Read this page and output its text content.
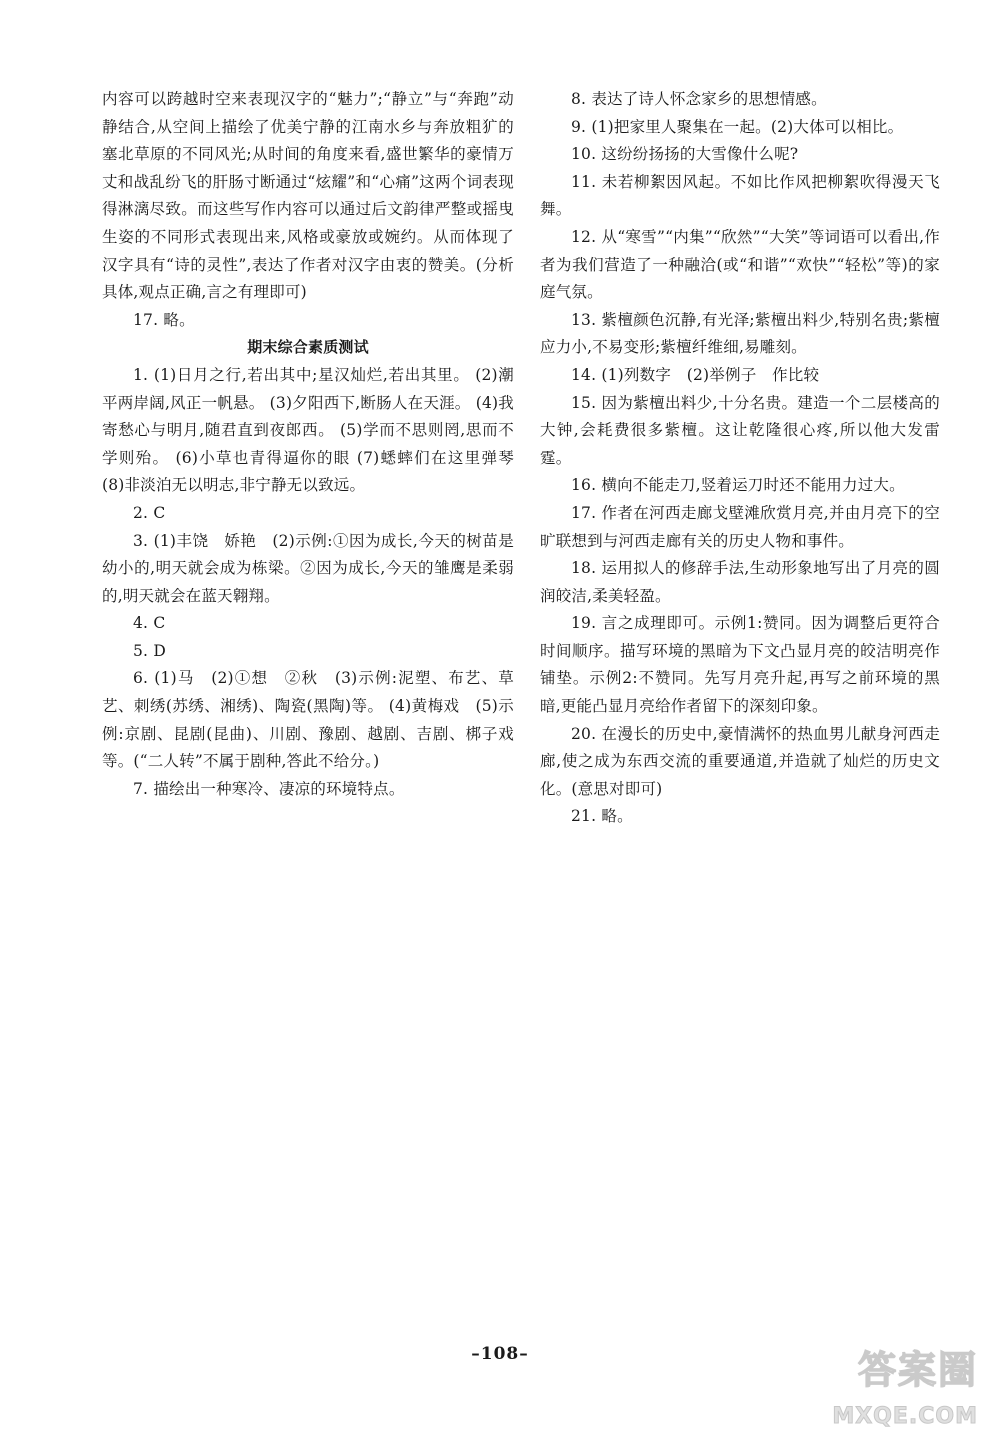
内容可以跨越时空来表现汉字的“魅力”;“静立”与“奔跑”动静结合,从空间上描绘了优美宁静的江南水乡与奔放粗犷的塞北草原的不同风光;从时间的角度来看,盛世繁华的豪情万丈和战乱纷飞的肝肠寸断通过“炫耀”和“心痛”这两个词表现得淋漓尽致。而这些写作内容可以通过后文韵律严整或摇曳生姿的不同形式表现出来,风格或豪放或婉约。从而体现了汉字具有“诗的灵性”,表达了作者对汉字由衷的赞美。(分析具体,观点正确,言之有理即可)

17. 略。

期末综合素质测试

1. (1)日月之行,若出其中;星汉灿烂,若出其里。 (2)潮平两岸阔,风正一帆悬。 (3)夕阳西下,断肠人在天涯。 (4)我寄愁心与明月,随君直到夜郎西。 (5)学而不思则罔,思而不学则殆。 (6)小草也青得逼你的眼 (7)蟋蟀们在这里弹琴 (8)非淡泊无以明志,非宁静无以致远。

2. C

3. (1)丰饶　娇艳　(2)示例:①因为成长,今天的树苗是幼小的,明天就会成为栋梁。②因为成长,今天的雏鹰是柔弱的,明天就会在蓝天翱翔。

4. C

5. D

6. (1)马　(2)①想　②秋　(3)示例:泥塑、布艺、草艺、刺绣(苏绣、湘绣)、陶瓷(黑陶)等。 (4)黄梅戏　(5)示例:京剧、昆剧(昆曲)、川剧、豫剧、越剧、吉剧、梆子戏等。(“二人转”不属于剧种,答此不给分。)

7. 描绘出一种寒冷、凄凉的环境特点。

8. 表达了诗人怀念家乡的思想情感。

9. (1)把家里人聚集在一起。(2)大体可以相比。

10. 这纷纷扬扬的大雪像什么呢?

11. 未若柳絮因风起。不如比作风把柳絮吹得漫天飞舞。

12. 从“寒雪”“内集”“欣然”“大笑”等词语可以看出,作者为我们营造了一种融洽(或“和谐”“欢快”“轻松”等)的家庭气氛。

13. 紫檀颜色沉静,有光泽;紫檀出料少,特别名贵;紫檀应力小,不易变形;紫檀纤维细,易雕刻。

14. (1)列数字　(2)举例子　作比较

15. 因为紫檀出料少,十分名贵。建造一个二层楼高的大钟,会耗费很多紫檀。这让乾隆很心疼,所以他大发雷霆。

16. 横向不能走刀,竖着运刀时还不能用力过大。

17. 作者在河西走廊戈壁滩欣赏月亮,并由月亮下的空旷联想到与河西走廊有关的历史人物和事件。

18. 运用拟人的修辞手法,生动形象地写出了月亮的圆润皎洁,柔美轻盈。

19. 言之成理即可。示例1:赞同。因为调整后更符合时间顺序。描写环境的黑暗为下文凸显月亮的皎洁明亮作铺垫。示例2:不赞同。先写月亮升起,再写之前环境的黑暗,更能凸显月亮给作者留下的深刻印象。

20. 在漫长的历史中,豪情满怀的热血男儿献身河西走廊,使之成为东西交流的重要通道,并造就了灿烂的历史文化。(意思对即可)

21. 略。

–108–	答案圈
MXQE.COM
